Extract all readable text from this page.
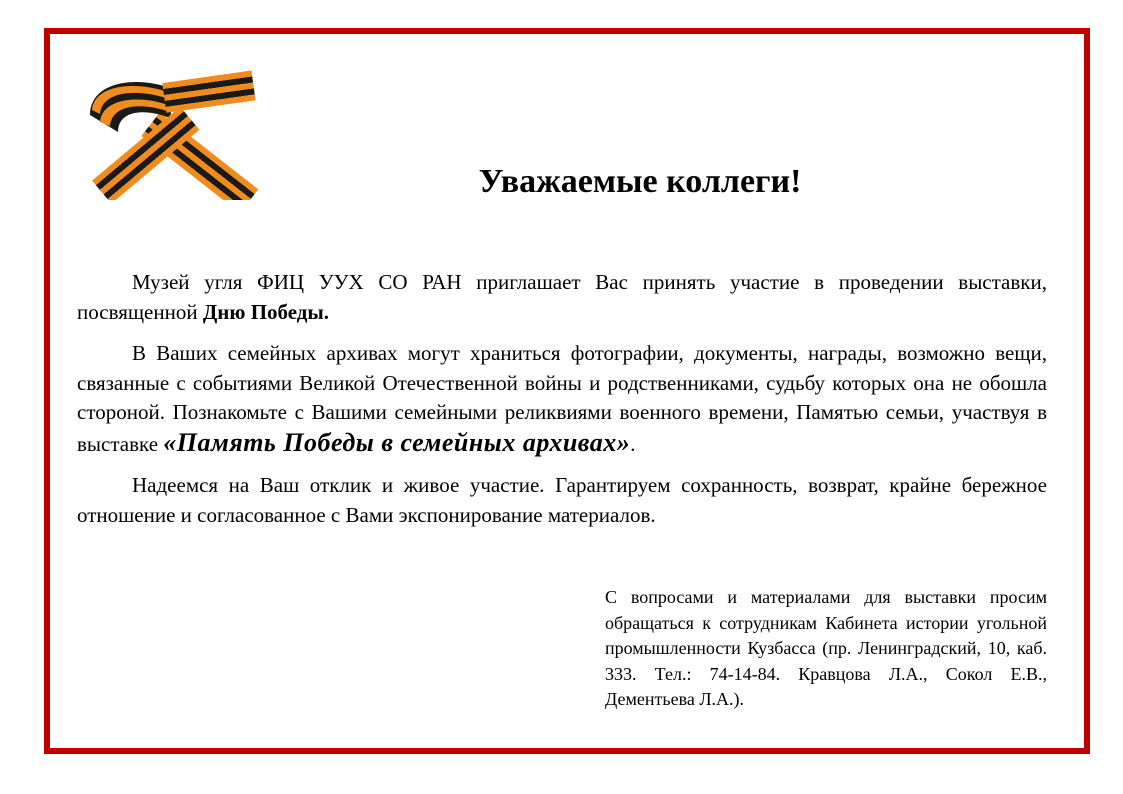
Уважаемые коллеги!

Музей угля ФИЦ УУХ СО РАН приглашает Вас принять участие в проведении выставки, посвященной Дню Победы.

В Ваших семейных архивах могут храниться фотографии, документы, награды, возможно вещи, связанные с событиями Великой Отечественной войны и родственниками, судьбу которых она не обошла стороной. Познакомьте с Вашими семейными реликвиями военного времени, Памятью семьи, участвуя в выставке «Память Победы в семейных архивах».

Надеемся на Ваш отклик и живое участие. Гарантируем сохранность, возврат, крайне бережное отношение и согласованное с Вами экспонирование материалов.

С вопросами и материалами для выставки просим обращаться к сотрудникам Кабинета истории угольной промышленности Кузбасса (пр. Ленинградский, 10, каб. 333. Тел.: 74-14-84. Кравцова Л.А., Сокол Е.В., Дементьева Л.А.).
